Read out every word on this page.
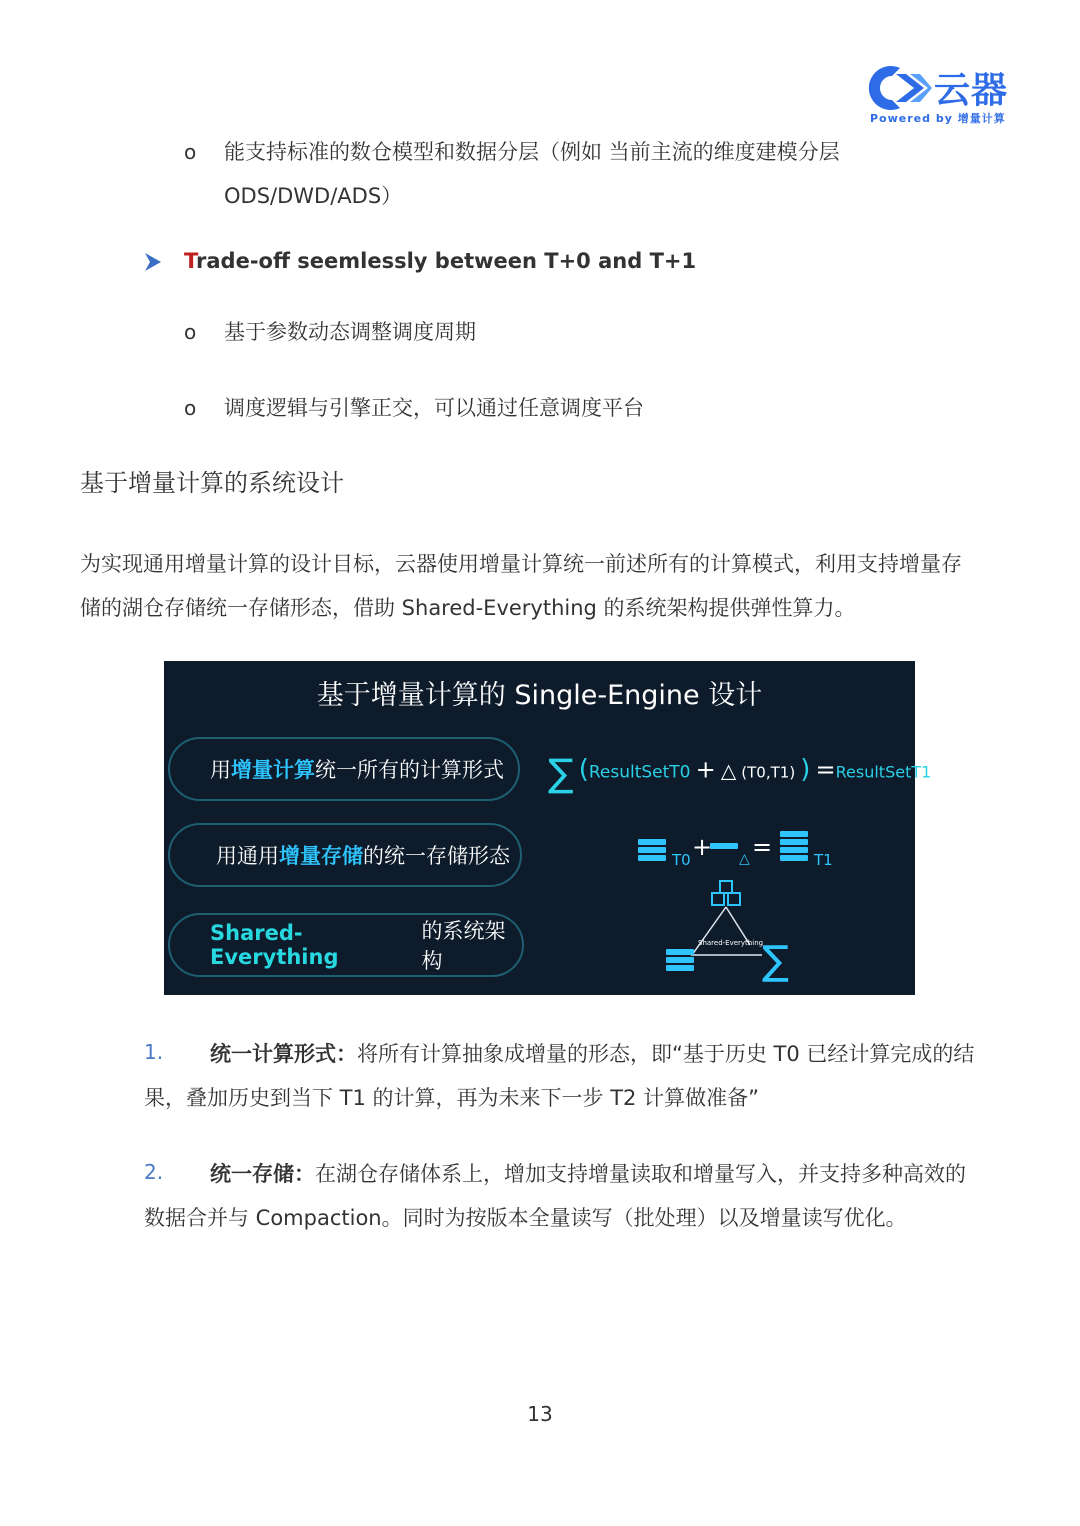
云器
Powered by 增量计算
o 能支持标准的数仓模型和数据分层（例如 当前主流的维度建模分层
ODS/DWD/ADS）
Trade-off seemlessly between T+0 and T+1
o 基于参数动态调整调度周期
o 调度逻辑与引擎正交，可以通过任意调度平台
基于增量计算的系统设计
为实现通用增量计算的设计目标，云器使用增量计算统一前述所有的计算模式，利用支持增量存
储的湖仓存储统一存储形态，借助 Shared-Everything 的系统架构提供弹性算力。
基于增量计算的 Single-Engine 设计
用 增量计算 统一所有的计算形式
用通用 增量存储 的统一存储形态
Shared-Everything
的系统架构
∑ (ResultSetT0 + △ (T0,T1) ) =ResultSetT1
+ =
T0	△	T1
Shared-Everything
∑
1. 统一计算形式：将所有计算抽象成增量的形态，即“基于历史 T0 已经计算完成的结
果，叠加历史到当下 T1 的计算，再为未来下一步 T2 计算做准备”
2. 统一存储：在湖仓存储体系上，增加支持增量读取和增量写入，并支持多种高效的
数据合并与 Compaction。同时为按版本全量读写（批处理）以及增量读写优化。
13
